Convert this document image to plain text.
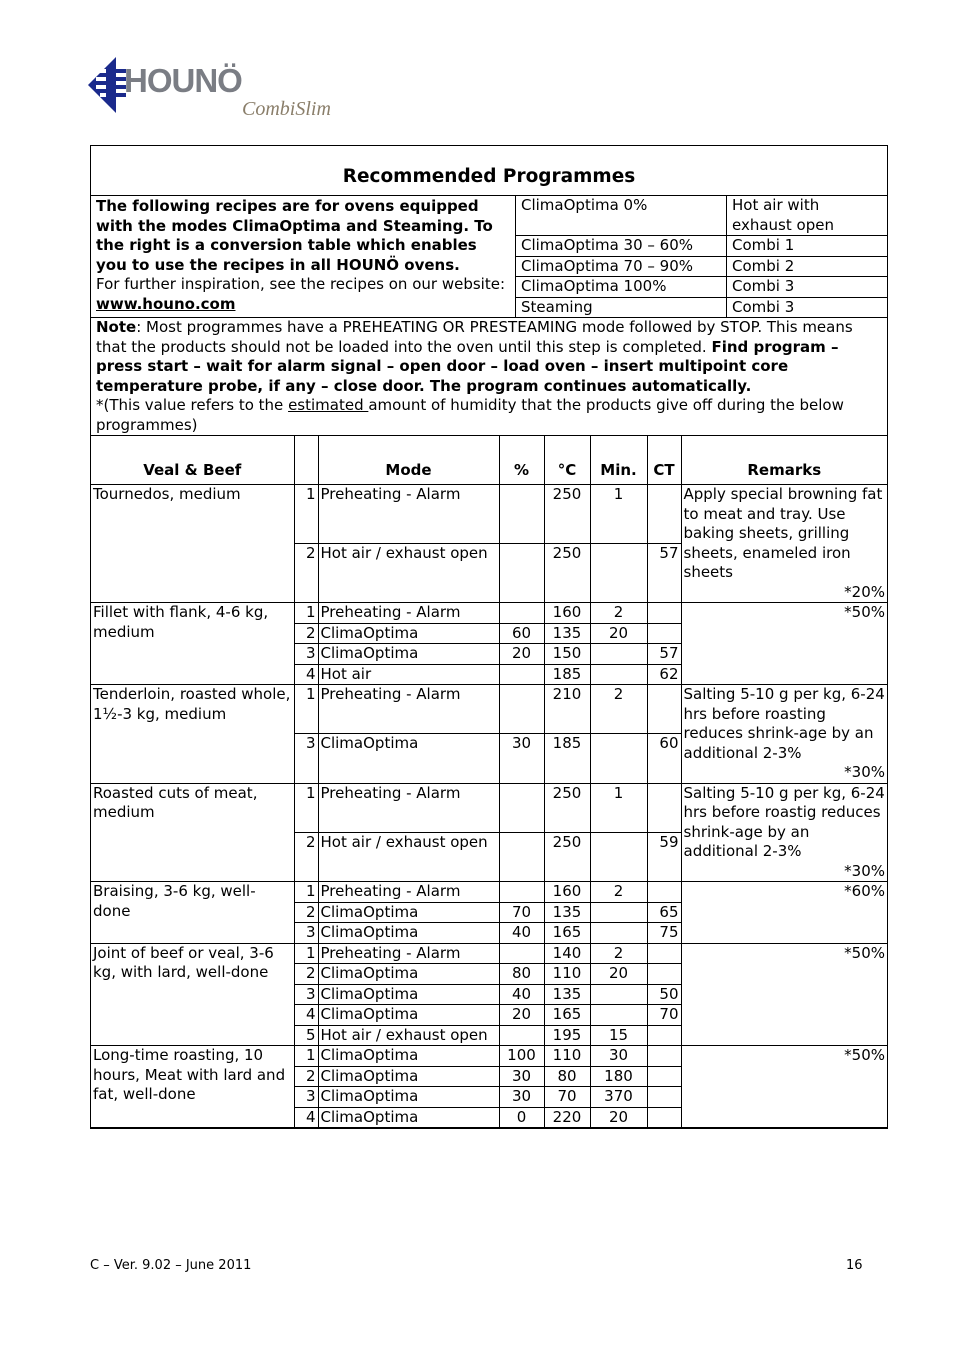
HOUNÖ
CombiSlim
Recommended Programmes
The following recipes are for ovens equipped with the modes ClimaOptima and Steaming. To the right is a conversion table which enables you to use the recipes in all HOUNÖ ovens.
For further inspiration, see the recipes on our website: www.houno.com
ClimaOptima 0%	Hot air with exhaust open
ClimaOptima 30 – 60%	Combi 1
ClimaOptima 70 – 90%	Combi 2
ClimaOptima 100%	Combi 3
Steaming	Combi 3
Note: Most programmes have a PREHEATING OR PRESTEAMING mode followed by STOP. This means that the products should not be loaded into the oven until this step is completed. Find program – press start – wait for alarm signal – open door – load oven – insert multipoint core temperature probe, if any – close door. The program continues automatically.
*(This value refers to the estimated amount of humidity that the products give off during the below programmes)
Veal & Beef		Mode	%	°C	Min.	CT	Remarks
Tournedos, medium	1	Preheating - Alarm		250	1		Apply special browning fat to meat and tray. Use baking sheets, grilling sheets, enameled iron sheets
*20%

	2	Hot air / exhaust open		250		57	
Fillet with flank, 4-6 kg, medium	1	Preheating - Alarm		160	2		*50%

	2	ClimaOptima	60	135	20		
	3	ClimaOptima	20	150		57	
	4	Hot air		185		62	
Tenderloin, roasted whole, 1½-3 kg, medium	1	Preheating - Alarm		210	2		Salting 5-10 g per kg, 6-24 hrs before roasting reduces shrink-age by an additional 2-3%
*30%

	3	ClimaOptima	30	185		60	
Roasted cuts of meat, medium	1	Preheating - Alarm		250	1		Salting 5-10 g per kg, 6-24 hrs before roastig reduces shrink-age by an additional 2-3%
*30%

	2	Hot air / exhaust open		250		59	
Braising, 3-6 kg, well-done	1	Preheating - Alarm		160	2		*60%

	2	ClimaOptima	70	135		65	
	3	ClimaOptima	40	165		75	
Joint of beef or veal, 3-6 kg, with lard, well-done	1	Preheating - Alarm		140	2		*50%

	2	ClimaOptima	80	110	20		
	3	ClimaOptima	40	135		50	
	4	ClimaOptima	20	165		70	
	5	Hot air / exhaust open		195	15		
Long-time roasting, 10 hours, Meat with lard and fat, well-done	1	ClimaOptima	100	110	30		*50%

	2	ClimaOptima	30	80	180		
	3	ClimaOptima	30	70	370		
	4	ClimaOptima	0	220	20		
C – Ver. 9.02 – June 2011	16
